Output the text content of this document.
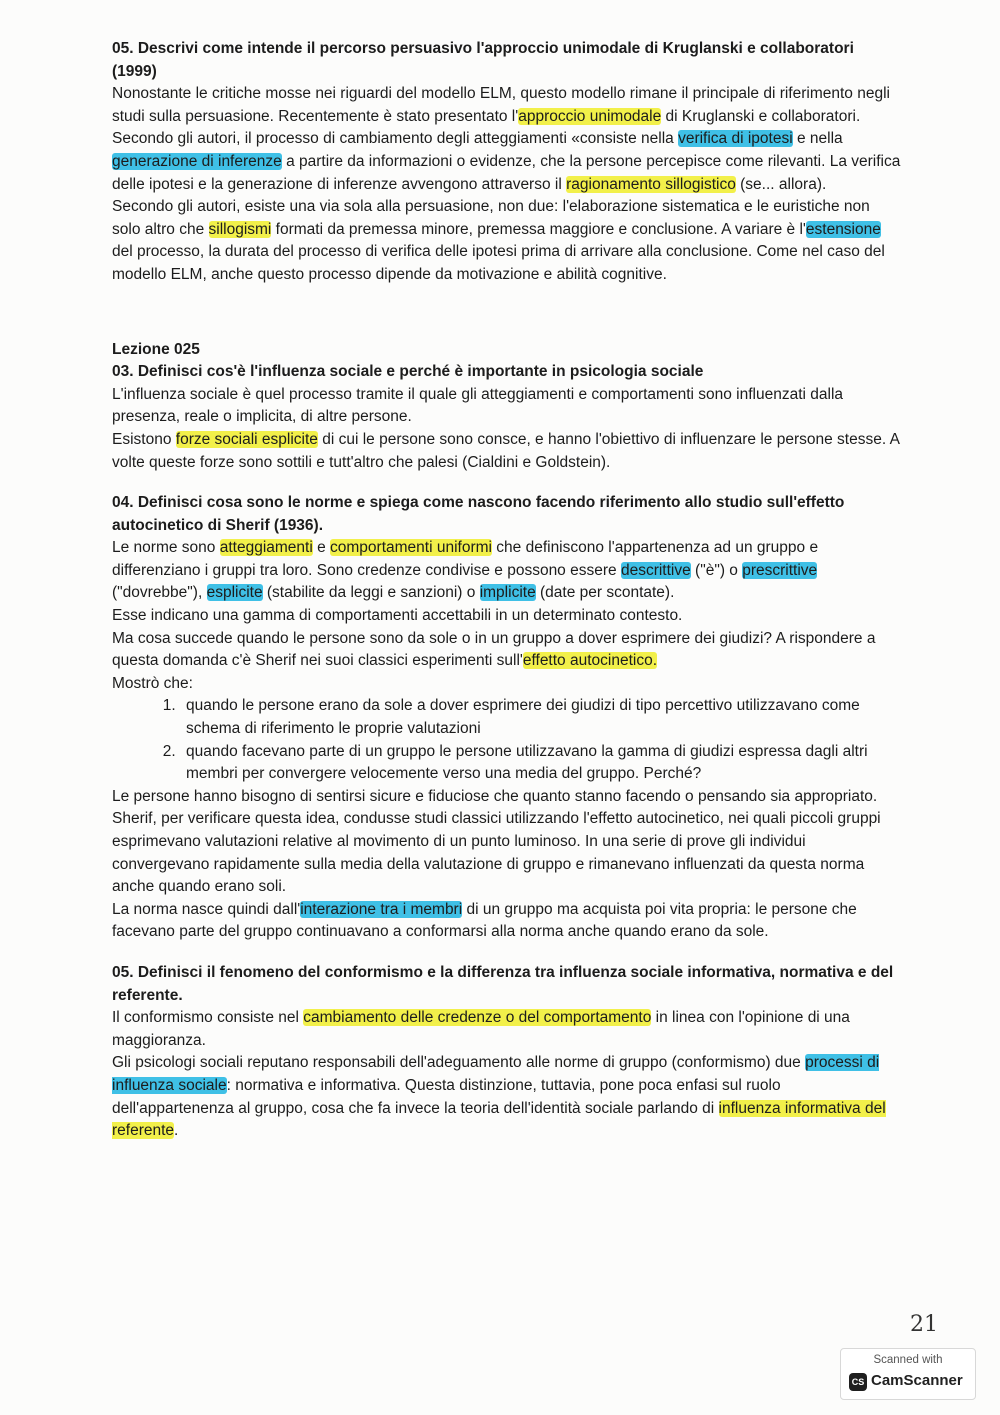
05. Descrivi come intende il percorso persuasivo l'approccio unimodale di Kruglanski e collaboratori (1999)

Nonostante le critiche mosse nei riguardi del modello ELM, questo modello rimane il principale di riferimento negli studi sulla persuasione. Recentemente è stato presentato l'approccio unimodale di Kruglanski e collaboratori.

Secondo gli autori, il processo di cambiamento degli atteggiamenti «consiste nella verifica di ipotesi e nella generazione di inferenze a partire da informazioni o evidenze, che la persone percepisce come rilevanti. La verifica delle ipotesi e la generazione di inferenze avvengono attraverso il ragionamento sillogistico (se... allora).

Secondo gli autori, esiste una via sola alla persuasione, non due: l'elaborazione sistematica e le euristiche non solo altro che sillogismi formati da premessa minore, premessa maggiore e conclusione. A variare è l'estensione del processo, la durata del processo di verifica delle ipotesi prima di arrivare alla conclusione. Come nel caso del modello ELM, anche questo processo dipende da motivazione e abilità cognitive.

Lezione 025

03. Definisci cos'è l'influenza sociale e perché è importante in psicologia sociale

L'influenza sociale è quel processo tramite il quale gli atteggiamenti e comportamenti sono influenzati dalla presenza, reale o implicita, di altre persone.

Esistono forze sociali esplicite di cui le persone sono consce, e hanno l'obiettivo di influenzare le persone stesse. A volte queste forze sono sottili e tutt'altro che palesi (Cialdini e Goldstein).

04. Definisci cosa sono le norme e spiega come nascono facendo riferimento allo studio sull'effetto autocinetico di Sherif (1936).

Le norme sono atteggiamenti e comportamenti uniformi che definiscono l'appartenenza ad un gruppo e differenziano i gruppi tra loro. Sono credenze condivise e possono essere descrittive ("è") o prescrittive ("dovrebbe"), esplicite (stabilite da leggi e sanzioni) o implicite (date per scontate).

Esse indicano una gamma di comportamenti accettabili in un determinato contesto.

Ma cosa succede quando le persone sono da sole o in un gruppo a dover esprimere dei giudizi? A rispondere a questa domanda c'è Sherif nei suoi classici esperimenti sull'effetto autocinetico.

Mostrò che:

1. quando le persone erano da sole a dover esprimere dei giudizi di tipo percettivo utilizzavano come schema di riferimento le proprie valutazioni
2. quando facevano parte di un gruppo le persone utilizzavano la gamma di giudizi espressa dagli altri membri per convergere velocemente verso una media del gruppo. Perché?

Le persone hanno bisogno di sentirsi sicure e fiduciose che quanto stanno facendo o pensando sia appropriato.

Sherif, per verificare questa idea, condusse studi classici utilizzando l'effetto autocinetico, nei quali piccoli gruppi esprimevano valutazioni relative al movimento di un punto luminoso. In una serie di prove gli individui convergevano rapidamente sulla media della valutazione di gruppo e rimanevano influenzati da questa norma anche quando erano soli.

La norma nasce quindi dall'interazione tra i membri di un gruppo ma acquista poi vita propria: le persone che facevano parte del gruppo continuavano a conformarsi alla norma anche quando erano da sole.

05. Definisci il fenomeno del conformismo e la differenza tra influenza sociale informativa, normativa e del referente.

Il conformismo consiste nel cambiamento delle credenze o del comportamento in linea con l'opinione di una maggioranza.

Gli psicologi sociali reputano responsabili dell'adeguamento alle norme di gruppo (conformismo) due processi di influenza sociale: normativa e informativa. Questa distinzione, tuttavia, pone poca enfasi sul ruolo dell'appartenenza al gruppo, cosa che fa invece la teoria dell'identità sociale parlando di influenza informativa del referente.

21
Scanned with
CS CamScanner
